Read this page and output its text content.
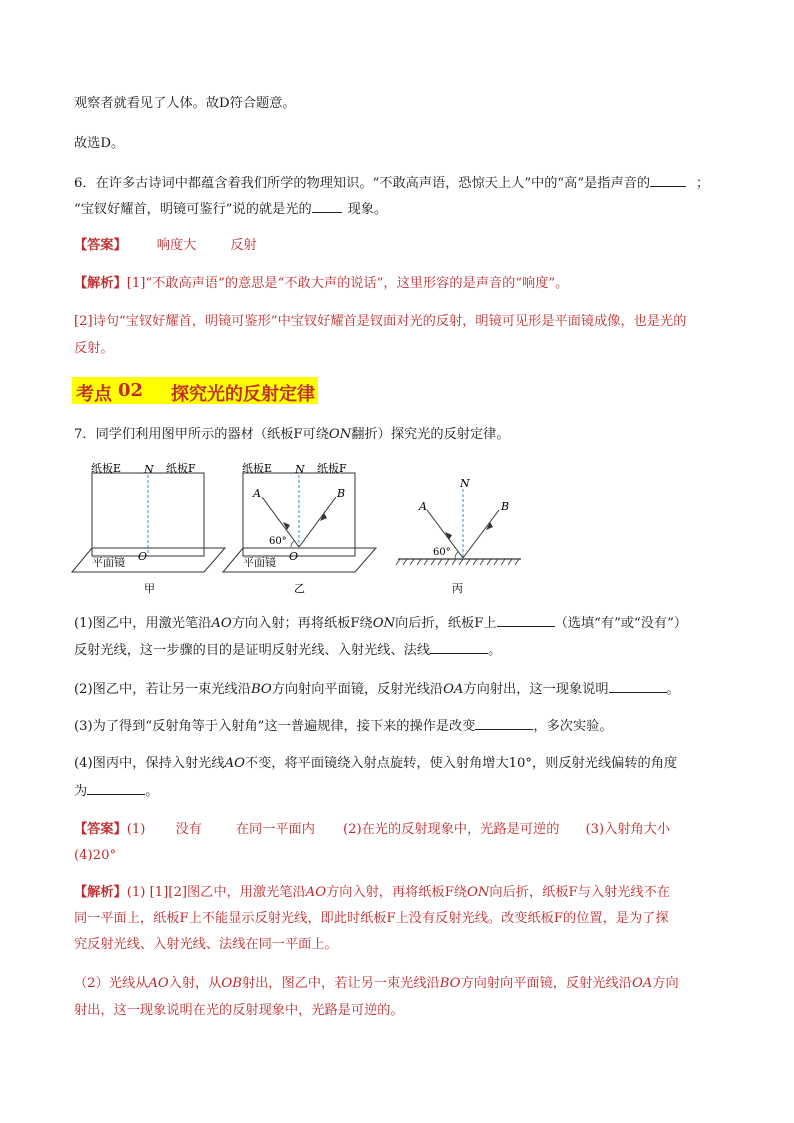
观察者就看见了人体。故D符合题意。
故选D。
6．在许多古诗词中都蕴含着我们所学的物理知识。“不敢高声语，恐惊天上人”中的“高”是指声音的	；
“宝钗好耀首，明镜可鉴行”说的就是光的	现象。
【答案】 响度大	反射
【解析】[1]“不敢高声语”的意思是“不敢大声的说话”，这里形容的是声音的“响度”。
[2]诗句“宝钗好耀首，明镜可鉴形”中宝钗好耀首是钗面对光的反射，明镜可见形是平面镜成像，也是光的
反射。
考点 02 探究光的反射定律
7．同学们利用图甲所示的器材（纸板F可绕ON翻折）探究光的反射定律。
纸板E N 纸板F
平面镜 O
甲
纸板E N 纸板F
A	B
60°
平面镜 O
乙
N
A	B
60°
丙
(1)图乙中，用激光笔沿AO方向入射；再将纸板F绕ON向后折，纸板F上	（选填“有”或“没有”）
反射光线，这一步骤的目的是证明反射光线、入射光线、法线	。
(2)图乙中，若让另一束光线沿BO方向射向平面镜，反射光线沿OA方向射出，这一现象说明	。
(3)为了得到“反射角等于入射角”这一普遍规律，接下来的操作是改变	，多次实验。
(4)图丙中，保持入射光线AO不变，将平面镜绕入射点旋转，使入射角增大10°，则反射光线偏转的角度
为	。
【答案】(1) 没有	在同一平面内 (2)在光的反射现象中，光路是可逆的 (3)入射角大小
(4)20°
【解析】(1) [1][2]图乙中，用激光笔沿AO方向入射，再将纸板F绕ON向后折，纸板F与入射光线不在
同一平面上，纸板F上不能显示反射光线，即此时纸板F上没有反射光线。改变纸板F的位置，是为了探
究反射光线、入射光线、法线在同一平面上。
（2）光线从AO入射，从OB射出，图乙中，若让另一束光线沿BO方向射向平面镜，反射光线沿OA方向
射出，这一现象说明在光的反射现象中，光路是可逆的。
